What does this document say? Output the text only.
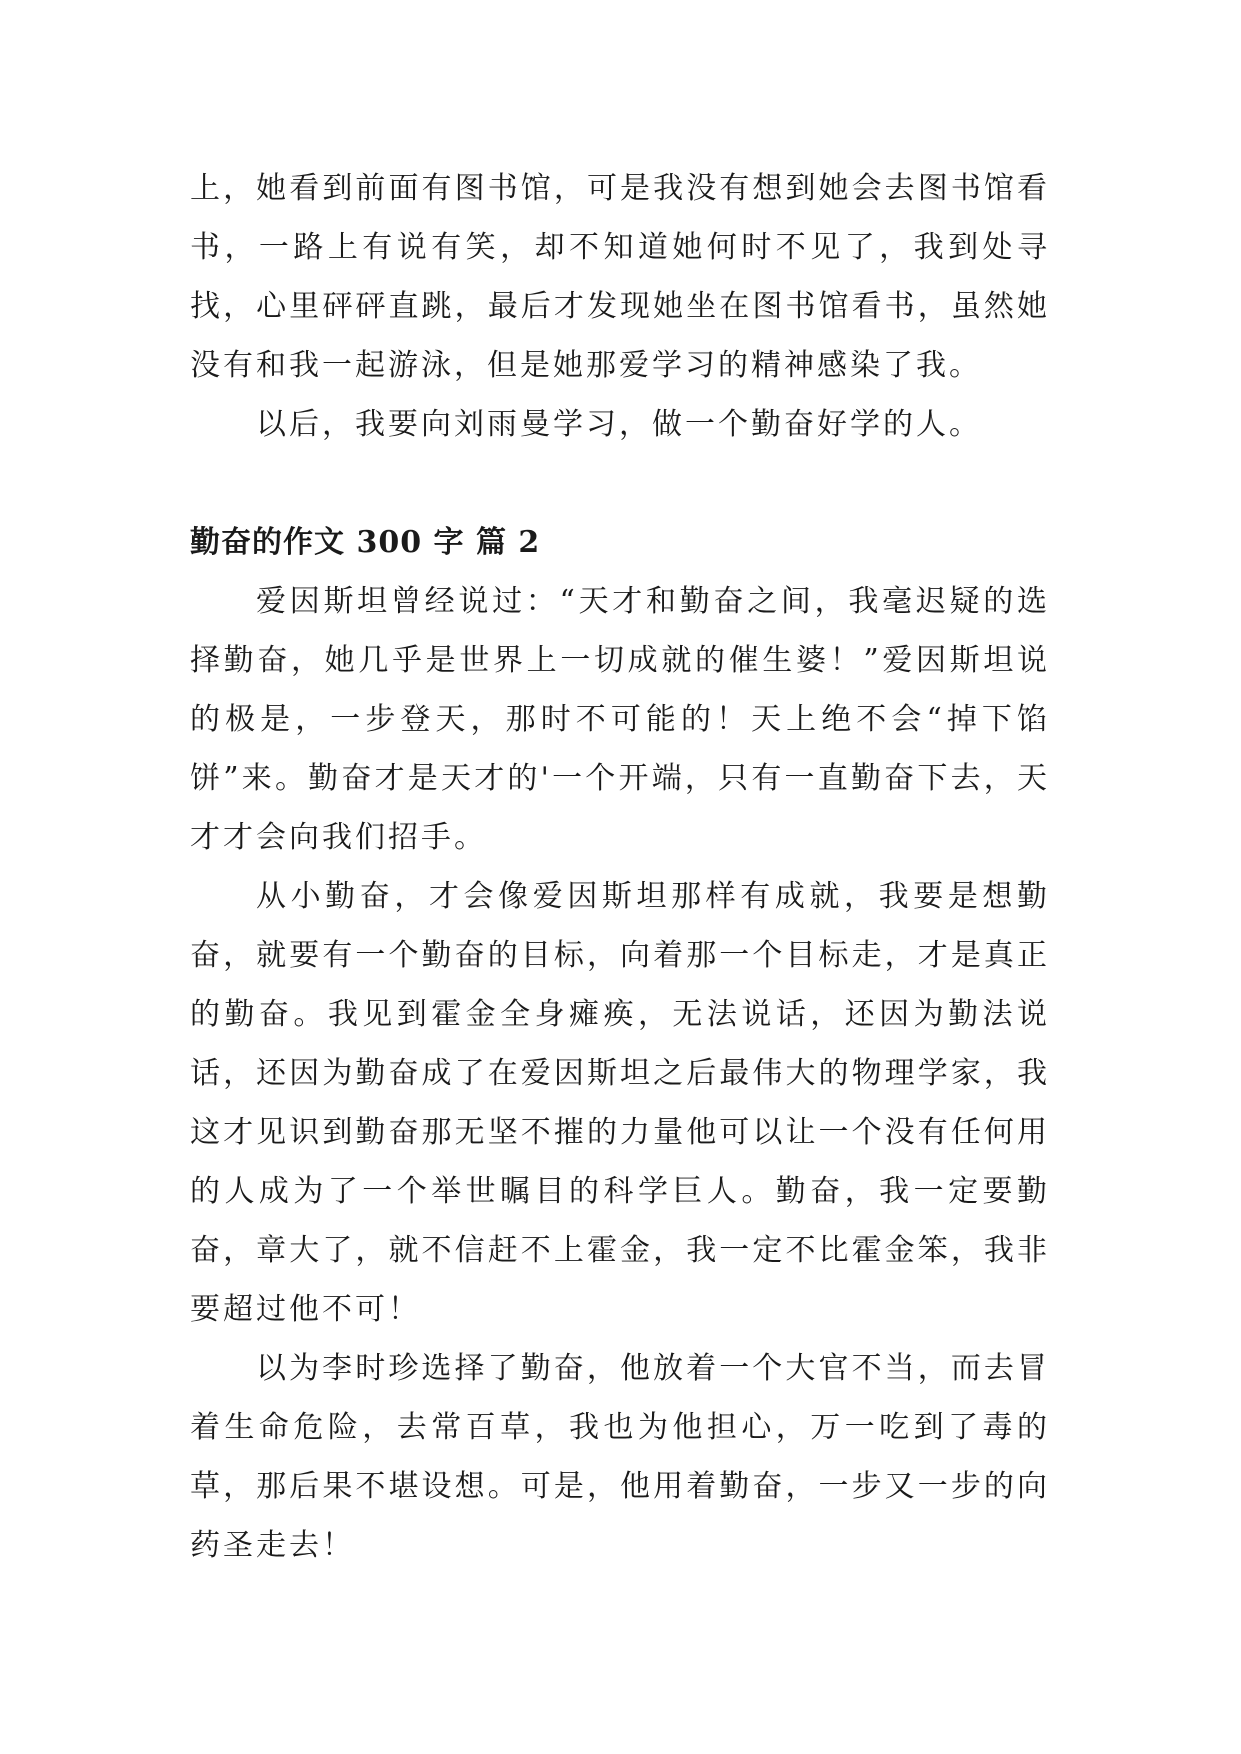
上，她看到前面有图书馆，可是我没有想到她会去图书馆看书，一路上有说有笑，却不知道她何时不见了，我到处寻找，心里砰砰直跳，最后才发现她坐在图书馆看书，虽然她没有和我一起游泳，但是她那爱学习的精神感染了我。

以后，我要向刘雨曼学习，做一个勤奋好学的人。

勤奋的作文 300 字 篇 2

爱因斯坦曾经说过：“天才和勤奋之间，我毫迟疑的选择勤奋，她几乎是世界上一切成就的催生婆！”爱因斯坦说的极是，一步登天，那时不可能的！天上绝不会“掉下馅饼”来。勤奋才是天才的'一个开端，只有一直勤奋下去，天才才会向我们招手。

从小勤奋，才会像爱因斯坦那样有成就，我要是想勤奋，就要有一个勤奋的目标，向着那一个目标走，才是真正的勤奋。我见到霍金全身瘫痪，无法说话，还因为勤法说话，还因为勤奋成了在爱因斯坦之后最伟大的物理学家，我这才见识到勤奋那无坚不摧的力量他可以让一个没有任何用的人成为了一个举世瞩目的科学巨人。勤奋，我一定要勤奋，章大了，就不信赶不上霍金，我一定不比霍金笨，我非要超过他不可！

以为李时珍选择了勤奋，他放着一个大官不当，而去冒着生命危险，去常百草，我也为他担心，万一吃到了毒的草，那后果不堪设想。可是，他用着勤奋，一步又一步的向药圣走去！
